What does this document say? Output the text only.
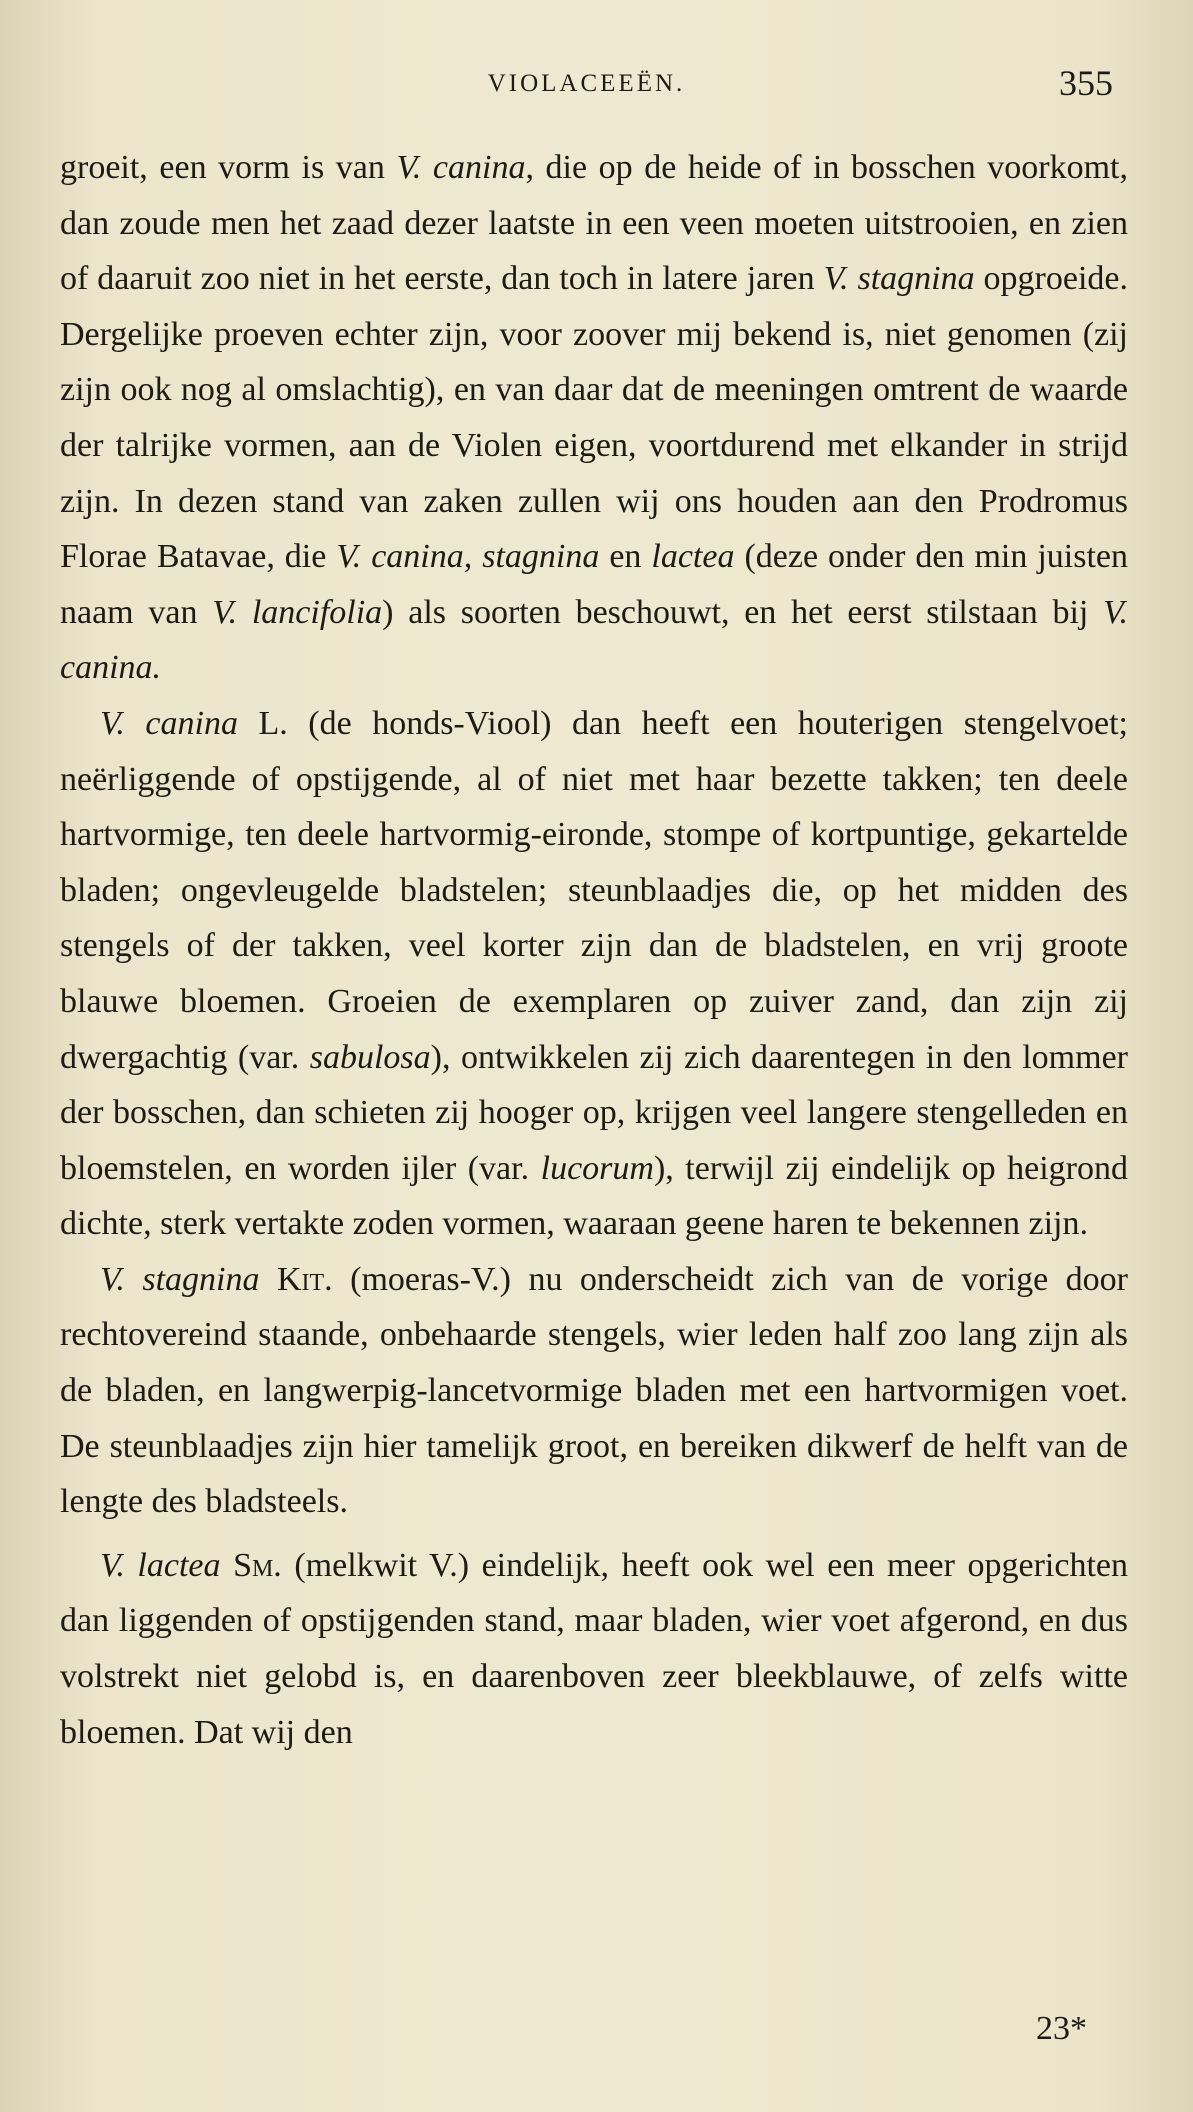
VIOLACEEËN.	355

groeit, een vorm is van V. canina, die op de heide of in bosschen voorkomt, dan zoude men het zaad dezer laatste in een veen moeten uitstrooien, en zien of daaruit zoo niet in het eerste, dan toch in latere jaren V. stagnina opgroeide. Dergelijke proeven echter zijn, voor zoover mij bekend is, niet genomen (zij zijn ook nog al omslachtig), en van daar dat de meeningen omtrent de waarde der talrijke vormen, aan de Violen eigen, voortdurend met elkander in strijd zijn. In dezen stand van zaken zullen wij ons houden aan den Prodromus Florae Batavae, die V. canina, stagnina en lactea (deze onder den min juisten naam van V. lancifolia) als soorten beschouwt, en het eerst stilstaan bij V. canina.

V. canina L. (de honds-Viool) dan heeft een houterigen stengelvoet; neërliggende of opstijgende, al of niet met haar bezette takken; ten deele hartvormige, ten deele hartvormig-eironde, stompe of kortpuntige, gekartelde bladen; ongevleugelde bladstelen; steunblaadjes die, op het midden des stengels of der takken, veel korter zijn dan de bladstelen, en vrij groote blauwe bloemen. Groeien de exemplaren op zuiver zand, dan zijn zij dwergachtig (var. sabulosa), ontwikkelen zij zich daarentegen in den lommer der bosschen, dan schieten zij hooger op, krijgen veel langere stengelleden en bloemstelen, en worden ijler (var. lucorum), terwijl zij eindelijk op heigrond dichte, sterk vertakte zoden vormen, waaraan geene haren te bekennen zijn.

V. stagnina Kit. (moeras-V.) nu onderscheidt zich van de vorige door rechtovereind staande, onbehaarde stengels, wier leden half zoo lang zijn als de bladen, en langwerpig-lancetvormige bladen met een hartvormigen voet. De steunblaadjes zijn hier tamelijk groot, en bereiken dikwerf de helft van de lengte des bladsteels.

V. lactea Sm. (melkwit V.) eindelijk, heeft ook wel een meer opgerichten dan liggenden of opstijgenden stand, maar bladen, wier voet afgerond, en dus volstrekt niet gelobd is, en daarenboven zeer bleekblauwe, of zelfs witte bloemen. Dat wij den

23*
